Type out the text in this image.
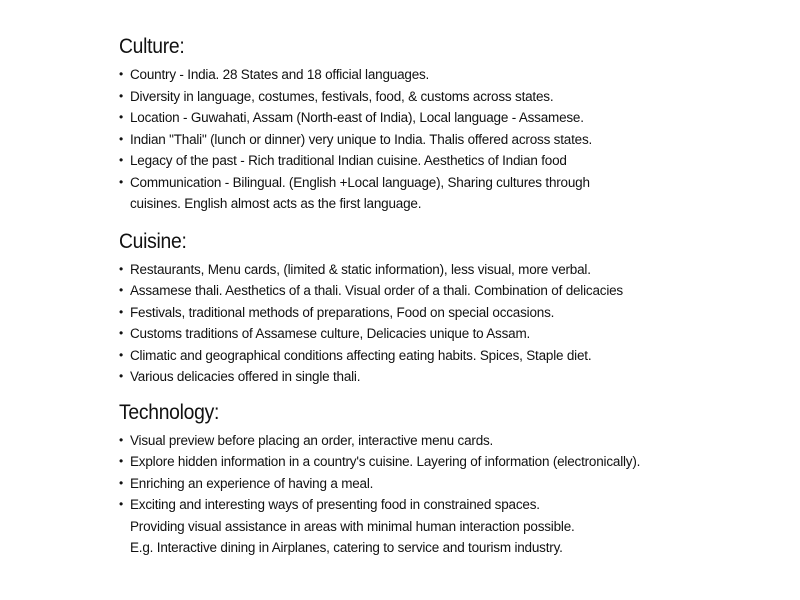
Culture:
• Country - India. 28 States and 18 official languages.
• Diversity in language, costumes, festivals, food, & customs across states.
• Location - Guwahati, Assam (North-east of India), Local language - Assamese.
• Indian "Thali" (lunch or dinner) very unique to India. Thalis offered across states.
• Legacy of the past - Rich traditional Indian cuisine. Aesthetics of Indian food
• Communication - Bilingual. (English +Local language), Sharing cultures through
cuisines. English almost acts as the first language.
Cuisine:
• Restaurants, Menu cards, (limited & static information), less visual, more verbal.
• Assamese thali. Aesthetics of a thali. Visual order of a thali. Combination of delicacies
• Festivals, traditional methods of preparations, Food on special occasions.
• Customs traditions of Assamese culture, Delicacies unique to Assam.
• Climatic and geographical conditions affecting eating habits. Spices, Staple diet.
• Various delicacies offered in single thali.
Technology:
• Visual preview before placing an order, interactive menu cards.
• Explore hidden information in a country's cuisine. Layering of information (electronically).
• Enriching an experience of having a meal.
• Exciting and interesting ways of presenting food in constrained spaces.
Providing visual assistance in areas with minimal human interaction possible.
E.g. Interactive dining in Airplanes, catering to service and tourism industry.
